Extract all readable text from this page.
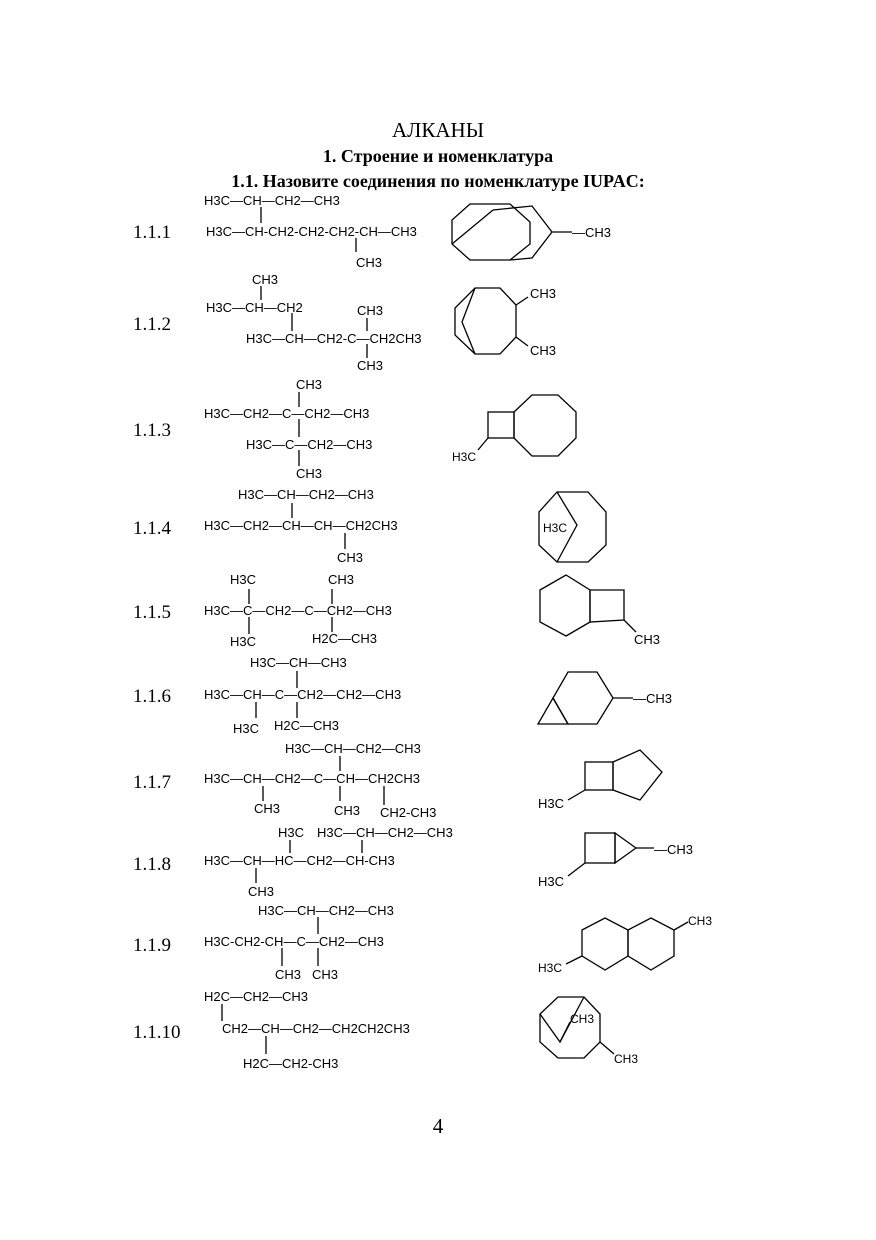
АЛКАНЫ
1. Строение и номенклатура
1.1. Назовите соединения по номенклатуре IUPAC:
1.1.1
1.1.2
1.1.3
1.1.4
1.1.5
1.1.6
1.1.7
1.1.8
1.1.9
1.1.10
H3C—CH—CH2—CH3
H3C—CH-CH2-CH2-CH2-CH—CH3
CH3
CH3
H3C—CH—CH2	CH3
H3C—CH—CH2-C—CH2CH3
CH3
CH3
H3C—CH2—C—CH2—CH3
H3C—C—CH2—CH3
CH3
H3C—CH—CH2—CH3
H3C—CH2—CH—CH—CH2CH3
CH3
H3C	CH3
H3C—C—CH2—C—CH2—CH3
H3C	H2C—CH3
H3C—CH—CH3
H3C—CH—C—CH2—CH2—CH3
H3C H2C—CH3
H3C—CH—CH2—CH3
H3C—CH—CH2—C—CH—CH2CH3
CH3	CH3 CH2-CH3
H3C H3C—CH—CH2—CH3
H3C—CH—HC—CH2—CH-CH3
CH3
H3C—CH—CH2—CH3
H3C-CH2-CH—C—CH2—CH3
CH3 CH3
H2C—CH2—CH3
CH2—CH—CH2—CH2CH2CH3
H2C—CH2-CH3
—CH3
CH3
CH3
H3C
H3C
CH3
—CH3
H3C
—CH3
H3C
CH3
H3C
CH3
CH3
4
